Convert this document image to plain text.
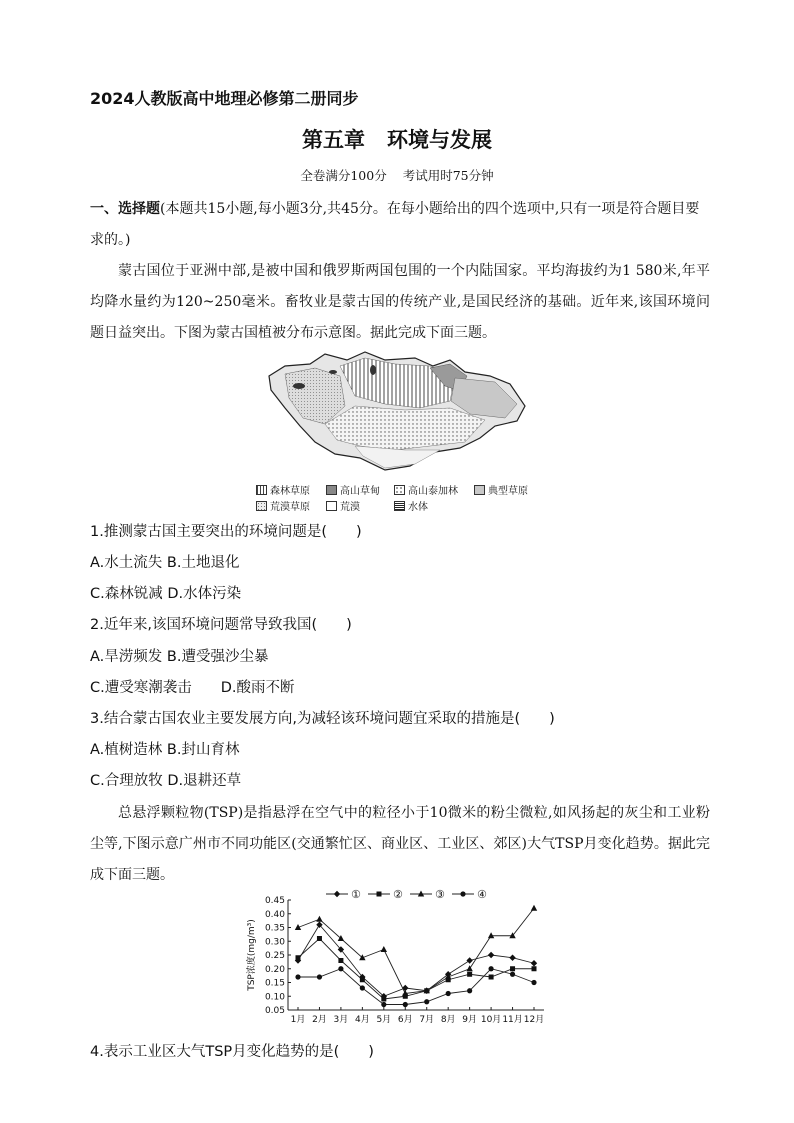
2024人教版高中地理必修第二册同步
第五章 环境与发展
全卷满分100分 考试用时75分钟
一、选择题(本题共15小题,每小题3分,共45分。在每小题给出的四个选项中,只有一项是符合题目要求的。)
蒙古国位于亚洲中部,是被中国和俄罗斯两国包围的一个内陆国家。平均海拔约为1 580米,年平均降水量约为120~250毫米。畜牧业是蒙古国的传统产业,是国民经济的基础。近年来,该国环境问题日益突出。下图为蒙古国植被分布示意图。据此完成下面三题。
森林草原	高山草甸	高山泰加林	典型草原
荒漠草原	荒漠	水体
1.推测蒙古国主要突出的环境问题是(　　)
A.水土流失 B.土地退化
C.森林锐减 D.水体污染
2.近年来,该国环境问题常导致我国(　　)
A.旱涝频发 B.遭受强沙尘暴
C.遭受寒潮袭击　　D.酸雨不断
3.结合蒙古国农业主要发展方向,为减轻该环境问题宜采取的措施是(　　)
A.植树造林 B.封山育林
C.合理放牧 D.退耕还草
总悬浮颗粒物(TSP)是指悬浮在空气中的粒径小于10微米的粉尘微粒,如风扬起的灰尘和工业粉尘等,下图示意广州市不同功能区(交通繁忙区、商业区、工业区、郊区)大气TSP月变化趋势。据此完成下面三题。
0.45
0.40
0.35
0.30
0.25
0.20
0.15
0.10
0.05
1月 2月 3月 4月 5月 6月 7月 8月 9月 10月 11月 12月
TSP浓度(mg/m³)
①	②	③	④
4.表示工业区大气TSP月变化趋势的是(　　)
